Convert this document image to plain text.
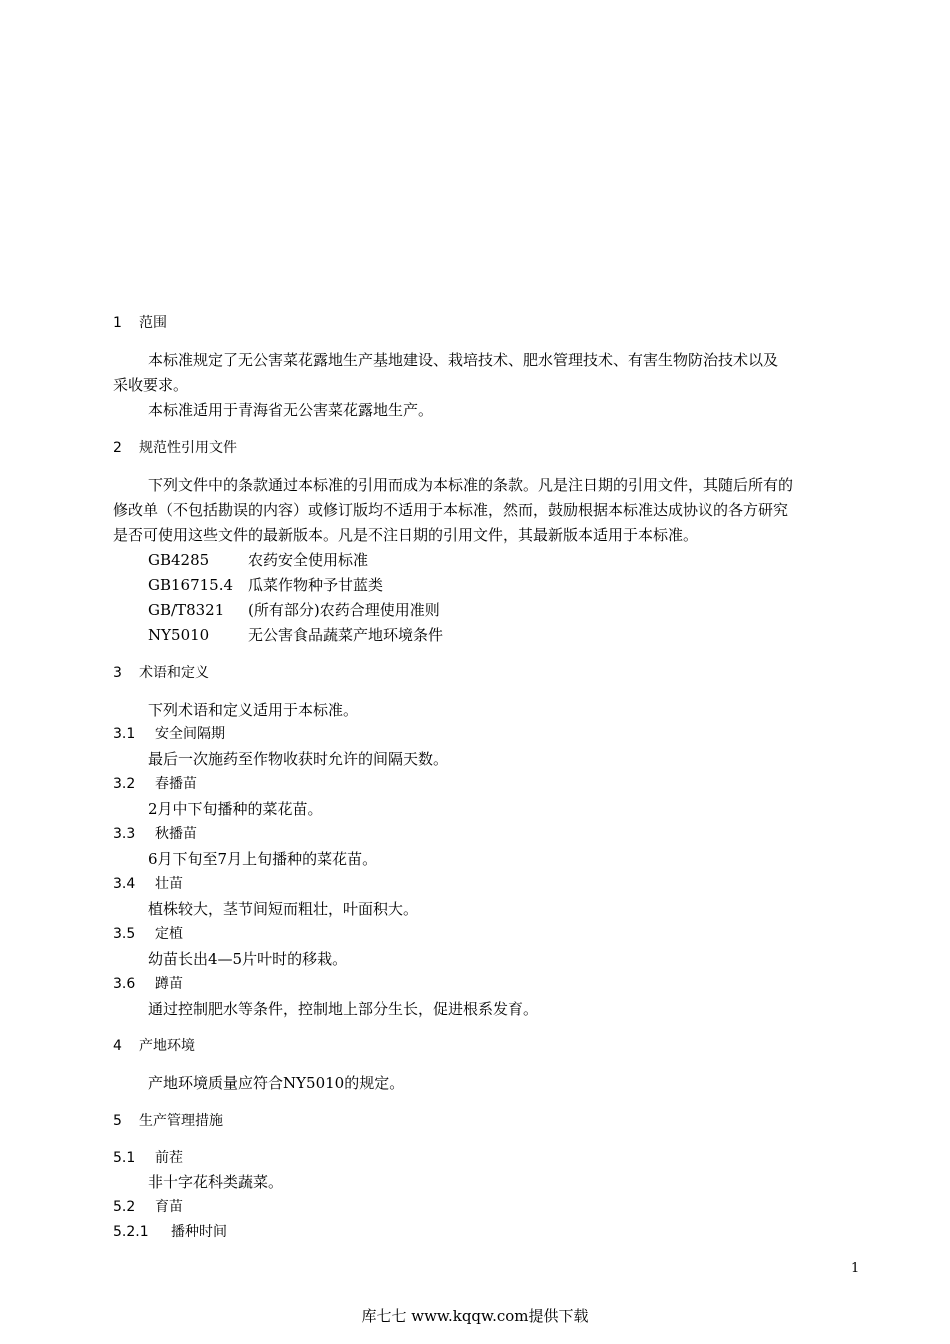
1 范围
本标准规定了无公害菜花露地生产基地建设、栽培技术、肥水管理技术、有害生物防治技术以及
采收要求。
本标准适用于青海省无公害菜花露地生产。
2 规范性引用文件
下列文件中的条款通过本标准的引用而成为本标准的条款。凡是注日期的引用文件，其随后所有的
修改单（不包括勘误的内容）或修订版均不适用于本标准，然而，鼓励根据本标准达成协议的各方研究
是否可使用这些文件的最新版本。凡是不注日期的引用文件，其最新版本适用于本标准。
GB4285	农药安全使用标准
GB16715.4 瓜菜作物种予甘蓝类
GB/T8321 (所有部分)农药合理使用准则
NY5010	无公害食品蔬菜产地环境条件
3 术语和定义
下列术语和定义适用于本标准。
3.1 安全间隔期
最后一次施药至作物收获时允许的间隔天数。
3.2 春播苗
2月中下旬播种的菜花苗。
3.3 秋播苗
6月下旬至7月上旬播种的菜花苗。
3.4 壮苗
植株较大，茎节间短而粗壮，叶面积大。
3.5 定植
幼苗长出4—5片叶时的移栽。
3.6 蹲苗
通过控制肥水等条件，控制地上部分生长，促进根系发育。
4 产地环境
产地环境质量应符合NY5010的规定。
5 生产管理措施
5.1 前茬
非十字花科类蔬菜。
5.2 育苗
5.2.1 播种时间
1
库七七 www.kqqw.com提供下载
